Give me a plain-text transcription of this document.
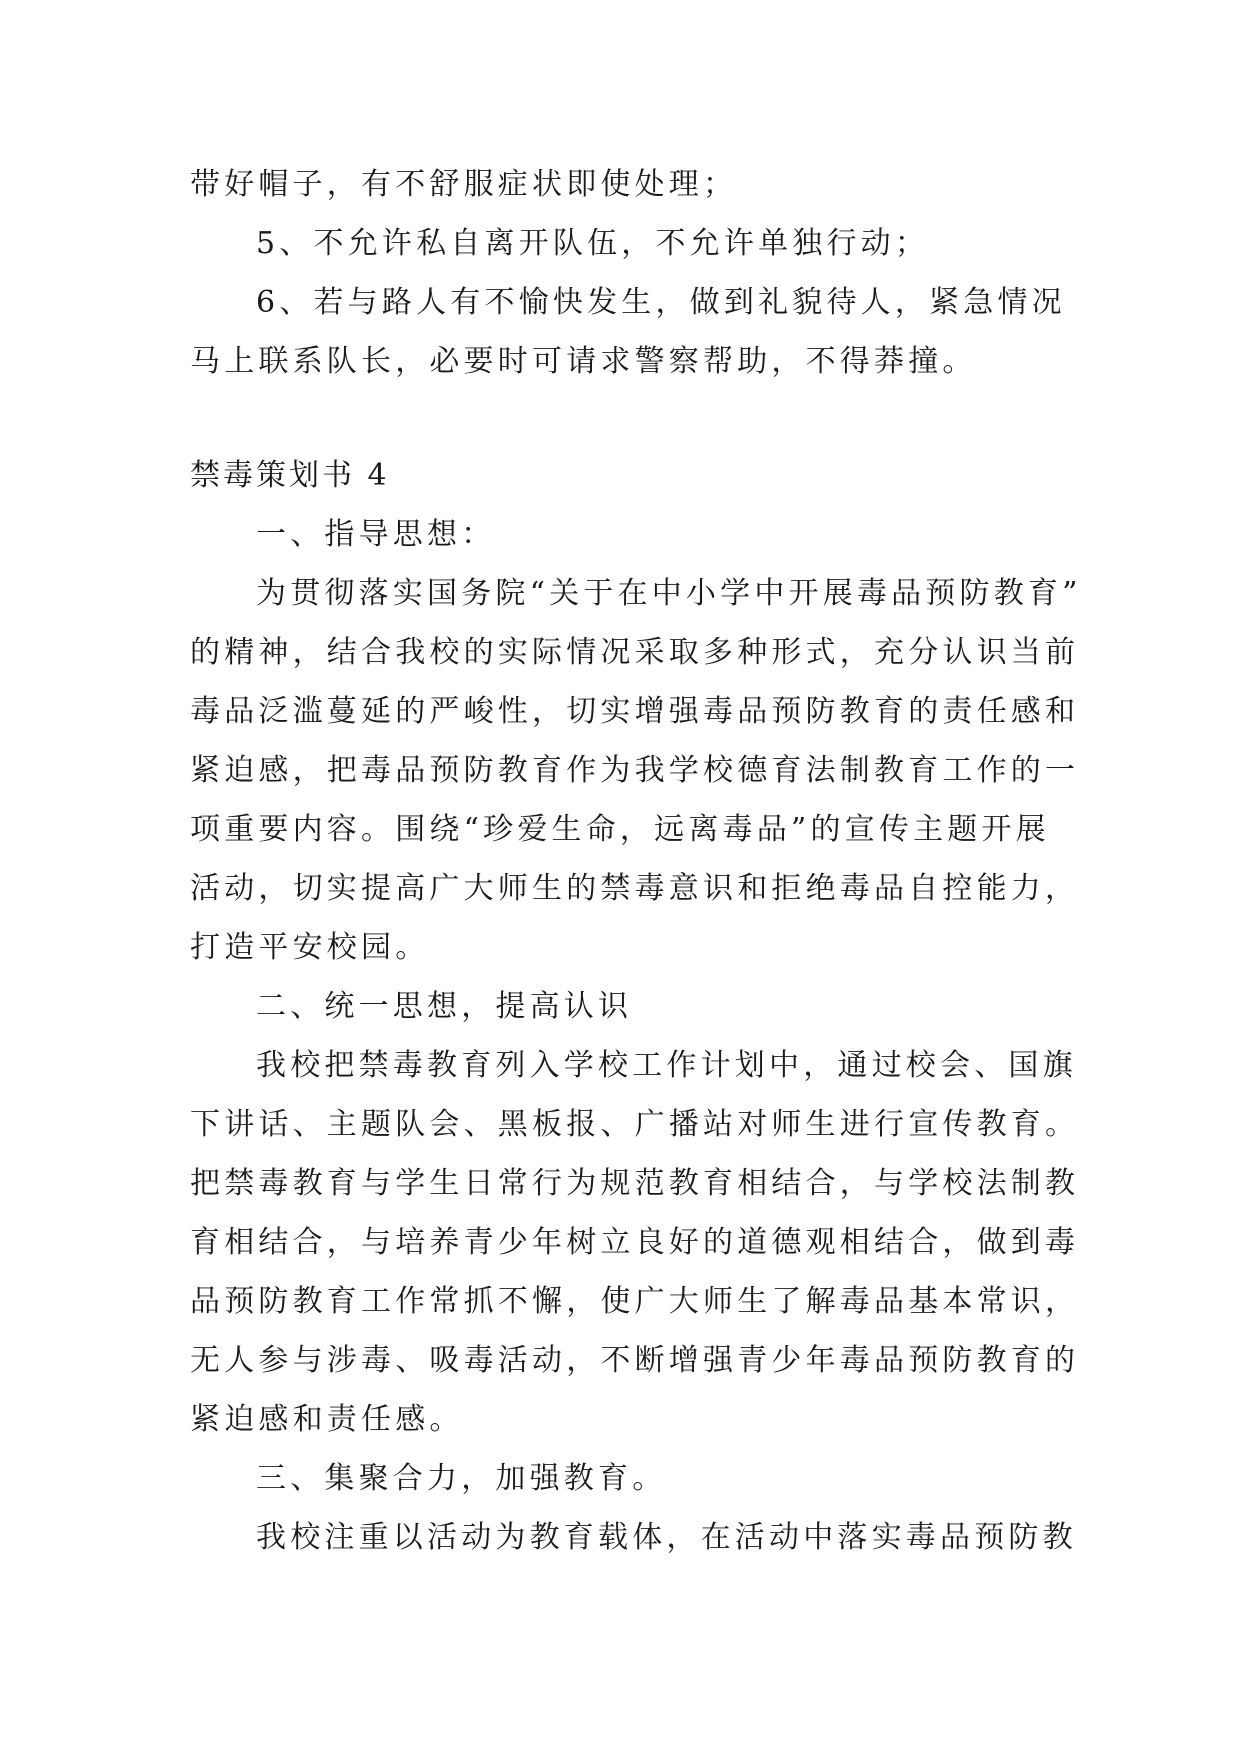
带好帽子，有不舒服症状即使处理；
5、不允许私自离开队伍，不允许单独行动；
6、若与路人有不愉快发生，做到礼貌待人，紧急情况
马上联系队长，必要时可请求警察帮助，不得莽撞。
禁毒策划书 4
一、指导思想：
为贯彻落实国务院“关于在中小学中开展毒品预防教育”
的精神，结合我校的实际情况采取多种形式，充分认识当前
毒品泛滥蔓延的严峻性，切实增强毒品预防教育的责任感和
紧迫感，把毒品预防教育作为我学校德育法制教育工作的一
项重要内容。围绕“珍爱生命，远离毒品”的宣传主题开展
活动，切实提高广大师生的禁毒意识和拒绝毒品自控能力，
打造平安校园。
二、统一思想，提高认识
我校把禁毒教育列入学校工作计划中，通过校会、国旗
下讲话、主题队会、黑板报、广播站对师生进行宣传教育。
把禁毒教育与学生日常行为规范教育相结合，与学校法制教
育相结合，与培养青少年树立良好的道德观相结合，做到毒
品预防教育工作常抓不懈，使广大师生了解毒品基本常识，
无人参与涉毒、吸毒活动，不断增强青少年毒品预防教育的
紧迫感和责任感。
三、集聚合力，加强教育。
我校注重以活动为教育载体，在活动中落实毒品预防教
